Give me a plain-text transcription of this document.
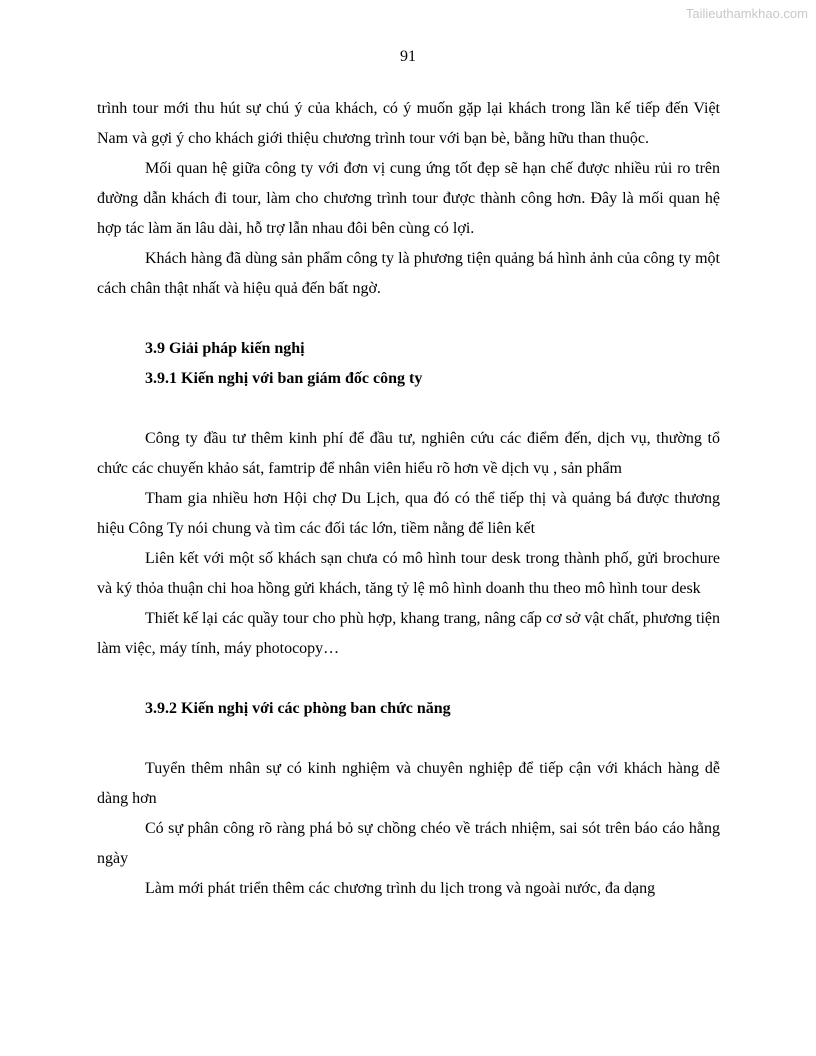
Tailieuthamkhao.com
91

trình tour mới thu hút sự chú ý của khách, có ý muốn gặp lại khách trong lần kế tiếp đến Việt Nam và gợi ý cho khách giới thiệu chương trình tour với bạn bè, bằng hữu than thuộc.

Mối quan hệ giữa công ty với đơn vị cung ứng tốt đẹp sẽ hạn chế được nhiều rủi ro trên đường dẫn khách đi tour, làm cho chương trình tour được thành công hơn. Đây là mối quan hệ hợp tác làm ăn lâu dài, hỗ trợ lẫn nhau đôi bên cùng có lợi.

Khách hàng đã dùng sản phẩm công ty là phương tiện quảng bá hình ảnh của công ty một cách chân thật nhất và hiệu quả đến bất ngờ.

3.9 Giải pháp kiến nghị

3.9.1 Kiến nghị với ban giám đốc công ty

Công ty đầu tư thêm kinh phí để đầu tư, nghiên cứu các điểm đến, dịch vụ, thường tổ chức các chuyến khảo sát, famtrip để nhân viên hiểu rõ hơn về dịch vụ , sản phẩm

Tham gia nhiều hơn Hội chợ Du Lịch, qua đó có thể tiếp thị và quảng bá được thương hiệu Công Ty nói chung và tìm các đối tác lớn, tiềm nằng để liên kết

Liên kết với một số khách sạn chưa có mô hình tour desk trong thành phố, gửi brochure và ký thỏa thuận chi hoa hồng gửi khách, tăng tỷ lệ mô hình doanh thu theo mô hình tour desk

Thiết kế lại các quầy tour cho phù hợp, khang trang, nâng cấp cơ sở vật chất, phương tiện làm việc, máy tính, máy photocopy…

3.9.2 Kiến nghị với các phòng ban chức năng

Tuyển thêm nhân sự có kinh nghiệm và chuyên nghiệp để tiếp cận với khách hàng dễ dàng hơn

Có sự phân công rõ ràng phá bỏ sự chồng chéo về trách nhiệm, sai sót trên báo cáo hằng ngày

Làm mới phát triển thêm các chương trình du lịch trong và ngoài nước, đa dạng
